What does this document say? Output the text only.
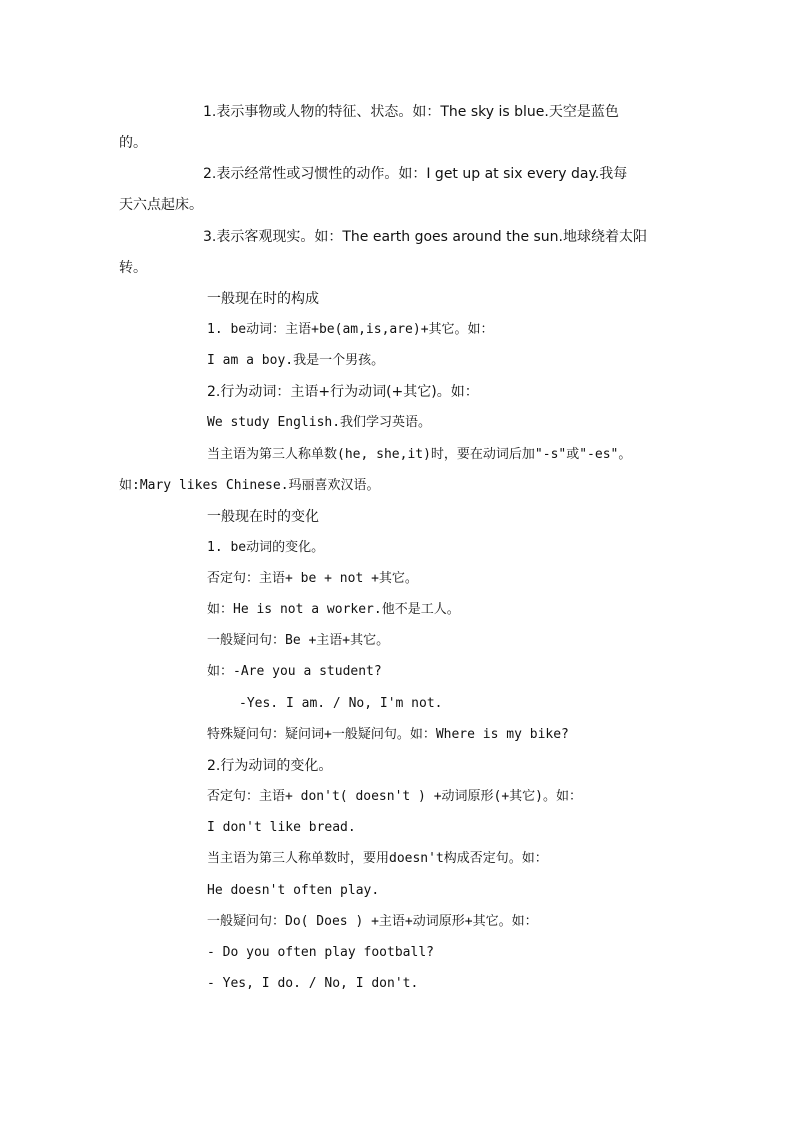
1.表示事物或人物的特征、状态。如：The sky is blue.天空是蓝色
的。
2.表示经常性或习惯性的动作。如：I get up at six every day.我每
天六点起床。
3.表示客观现实。如：The earth goes around the sun.地球绕着太阳
转。
一般现在时的构成
1. be动词：主语+be(am,is,are)+其它。如：
I am a boy.我是一个男孩。
2.行为动词：主语+行为动词(+其它)。如：
We study English.我们学习英语。
当主语为第三人称单数(he, she,it)时，要在动词后加"-s"或"-es"。
如:Mary likes Chinese.玛丽喜欢汉语。
一般现在时的变化
1. be动词的变化。
否定句：主语+ be + not +其它。
如：He is not a worker.他不是工人。
一般疑问句：Be +主语+其它。
如：-Are you a student?
-Yes. I am. / No, I'm not.
特殊疑问句：疑问词+一般疑问句。如：Where is my bike?
2.行为动词的变化。
否定句：主语+ don't( doesn't ) +动词原形(+其它)。如：
I don't like bread.
当主语为第三人称单数时，要用doesn't构成否定句。如：
He doesn't often play.
一般疑问句：Do( Does ) +主语+动词原形+其它。如：
- Do you often play football?
- Yes, I do. / No, I don't.
